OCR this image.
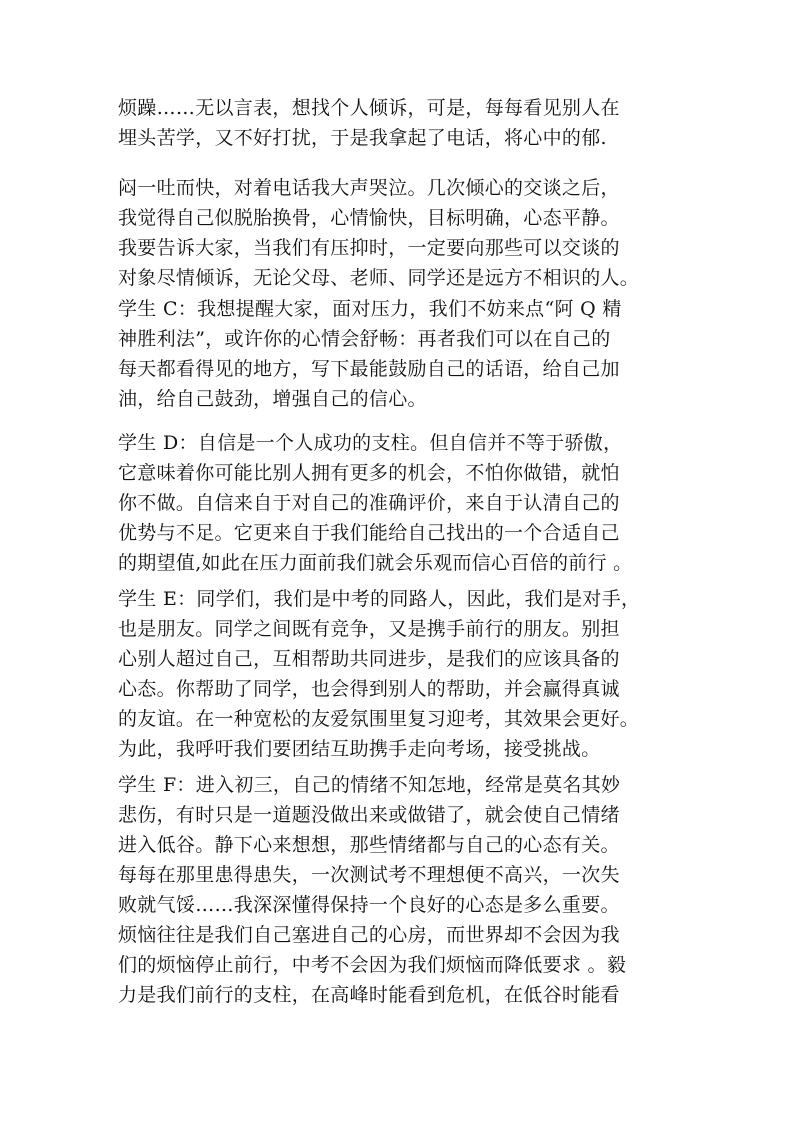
烦躁……无以言表，想找个人倾诉，可是，每每看见别人在
埋头苦学，又不好打扰，于是我拿起了电话，将心中的郁.
闷一吐而快，对着电话我大声哭泣。几次倾心的交谈之后，
我觉得自己似脱胎换骨，心情愉快，目标明确，心态平静。
我要告诉大家，当我们有压抑时，一定要向那些可以交谈的
对象尽情倾诉，无论父母、老师、同学还是远方不相识的人。
学生 C：我想提醒大家，面对压力，我们不妨来点“阿 Q 精
神胜利法”，或许你的心情会舒畅：再者我们可以在自己的
每天都看得见的地方，写下最能鼓励自己的话语，给自己加
油，给自己鼓劲，增强自己的信心。
学生 D：自信是一个人成功的支柱。但自信并不等于骄傲，
它意味着你可能比别人拥有更多的机会，不怕你做错，就怕
你不做。自信来自于对自己的准确评价，来自于认清自己的
优势与不足。它更来自于我们能给自己找出的一个合适自己
的期望值,如此在压力面前我们就会乐观而信心百倍的前行 。
学生 E：同学们，我们是中考的同路人，因此，我们是对手，
也是朋友。同学之间既有竞争，又是携手前行的朋友。别担
心别人超过自己，互相帮助共同进步，是我们的应该具备的
心态。你帮助了同学，也会得到别人的帮助，并会赢得真诚
的友谊。在一种宽松的友爱氛围里复习迎考，其效果会更好。
为此，我呼吁我们要团结互助携手走向考场，接受挑战。
学生 F：进入初三，自己的情绪不知怎地，经常是莫名其妙
悲伤，有时只是一道题没做出来或做错了，就会使自己情绪
进入低谷。静下心来想想，那些情绪都与自己的心态有关。
每每在那里患得患失，一次测试考不理想便不高兴，一次失
败就气馁……我深深懂得保持一个良好的心态是多么重要。
烦恼往往是我们自己塞进自己的心房，而世界却不会因为我
们的烦恼停止前行，中考不会因为我们烦恼而降低要求 。毅
力是我们前行的支柱，在高峰时能看到危机，在低谷时能看
